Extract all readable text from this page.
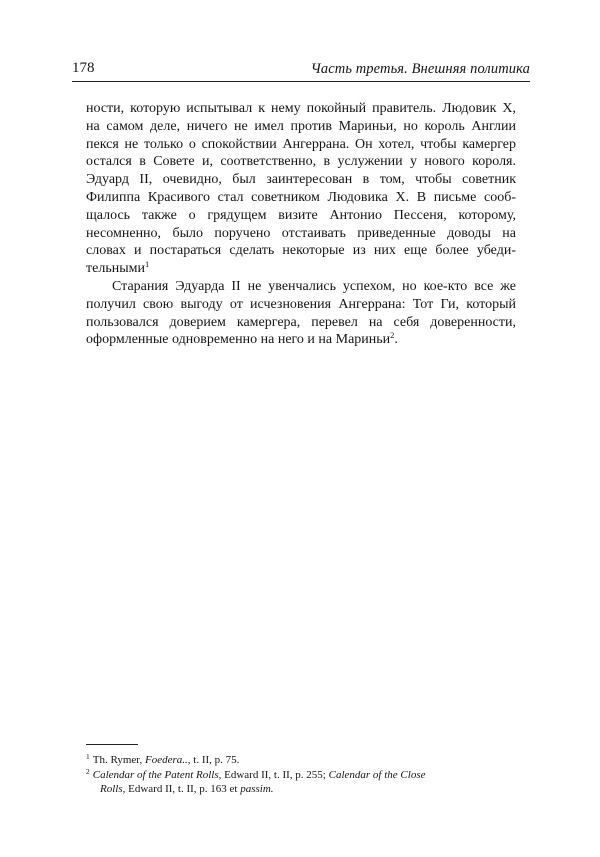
178	Часть третья. Внешняя политика
ности, которую испытывал к нему покойный правитель. Людовик X,
на самом деле, ничего не имел против Мариньи, но король Англии
пекся не только о спокойствии Ангеррана. Он хотел, чтобы камергер
остался в Совете и, соответственно, в услужении у нового короля.
Эдуард II, очевидно, был заинтересован в том, чтобы советник
Филиппа Красивого стал советником Людовика X. В письме сооб-
щалось также о грядущем визите Антонио Пессеня, которому,
несомненно, было поручено отстаивать приведенные доводы на
словах и постараться сделать некоторые из них еще более убеди-
тельными$^1$
Старания Эдуарда II не увенчались успехом, но кое-кто все же
получил свою выгоду от исчезновения Ангеррана: Тот Ги, который
пользовался доверием камергера, перевел на себя доверенности,
оформленные одновременно на него и на Мариньи$^2$.
$^1$ Th. Rymer, Foedera.., t. II, p. 75.
$^2$ Calendar of the Patent Rolls, Edward II, t. II, p. 255; Calendar of the Close
Rolls, Edward II, t. II, p. 163 et passim.
